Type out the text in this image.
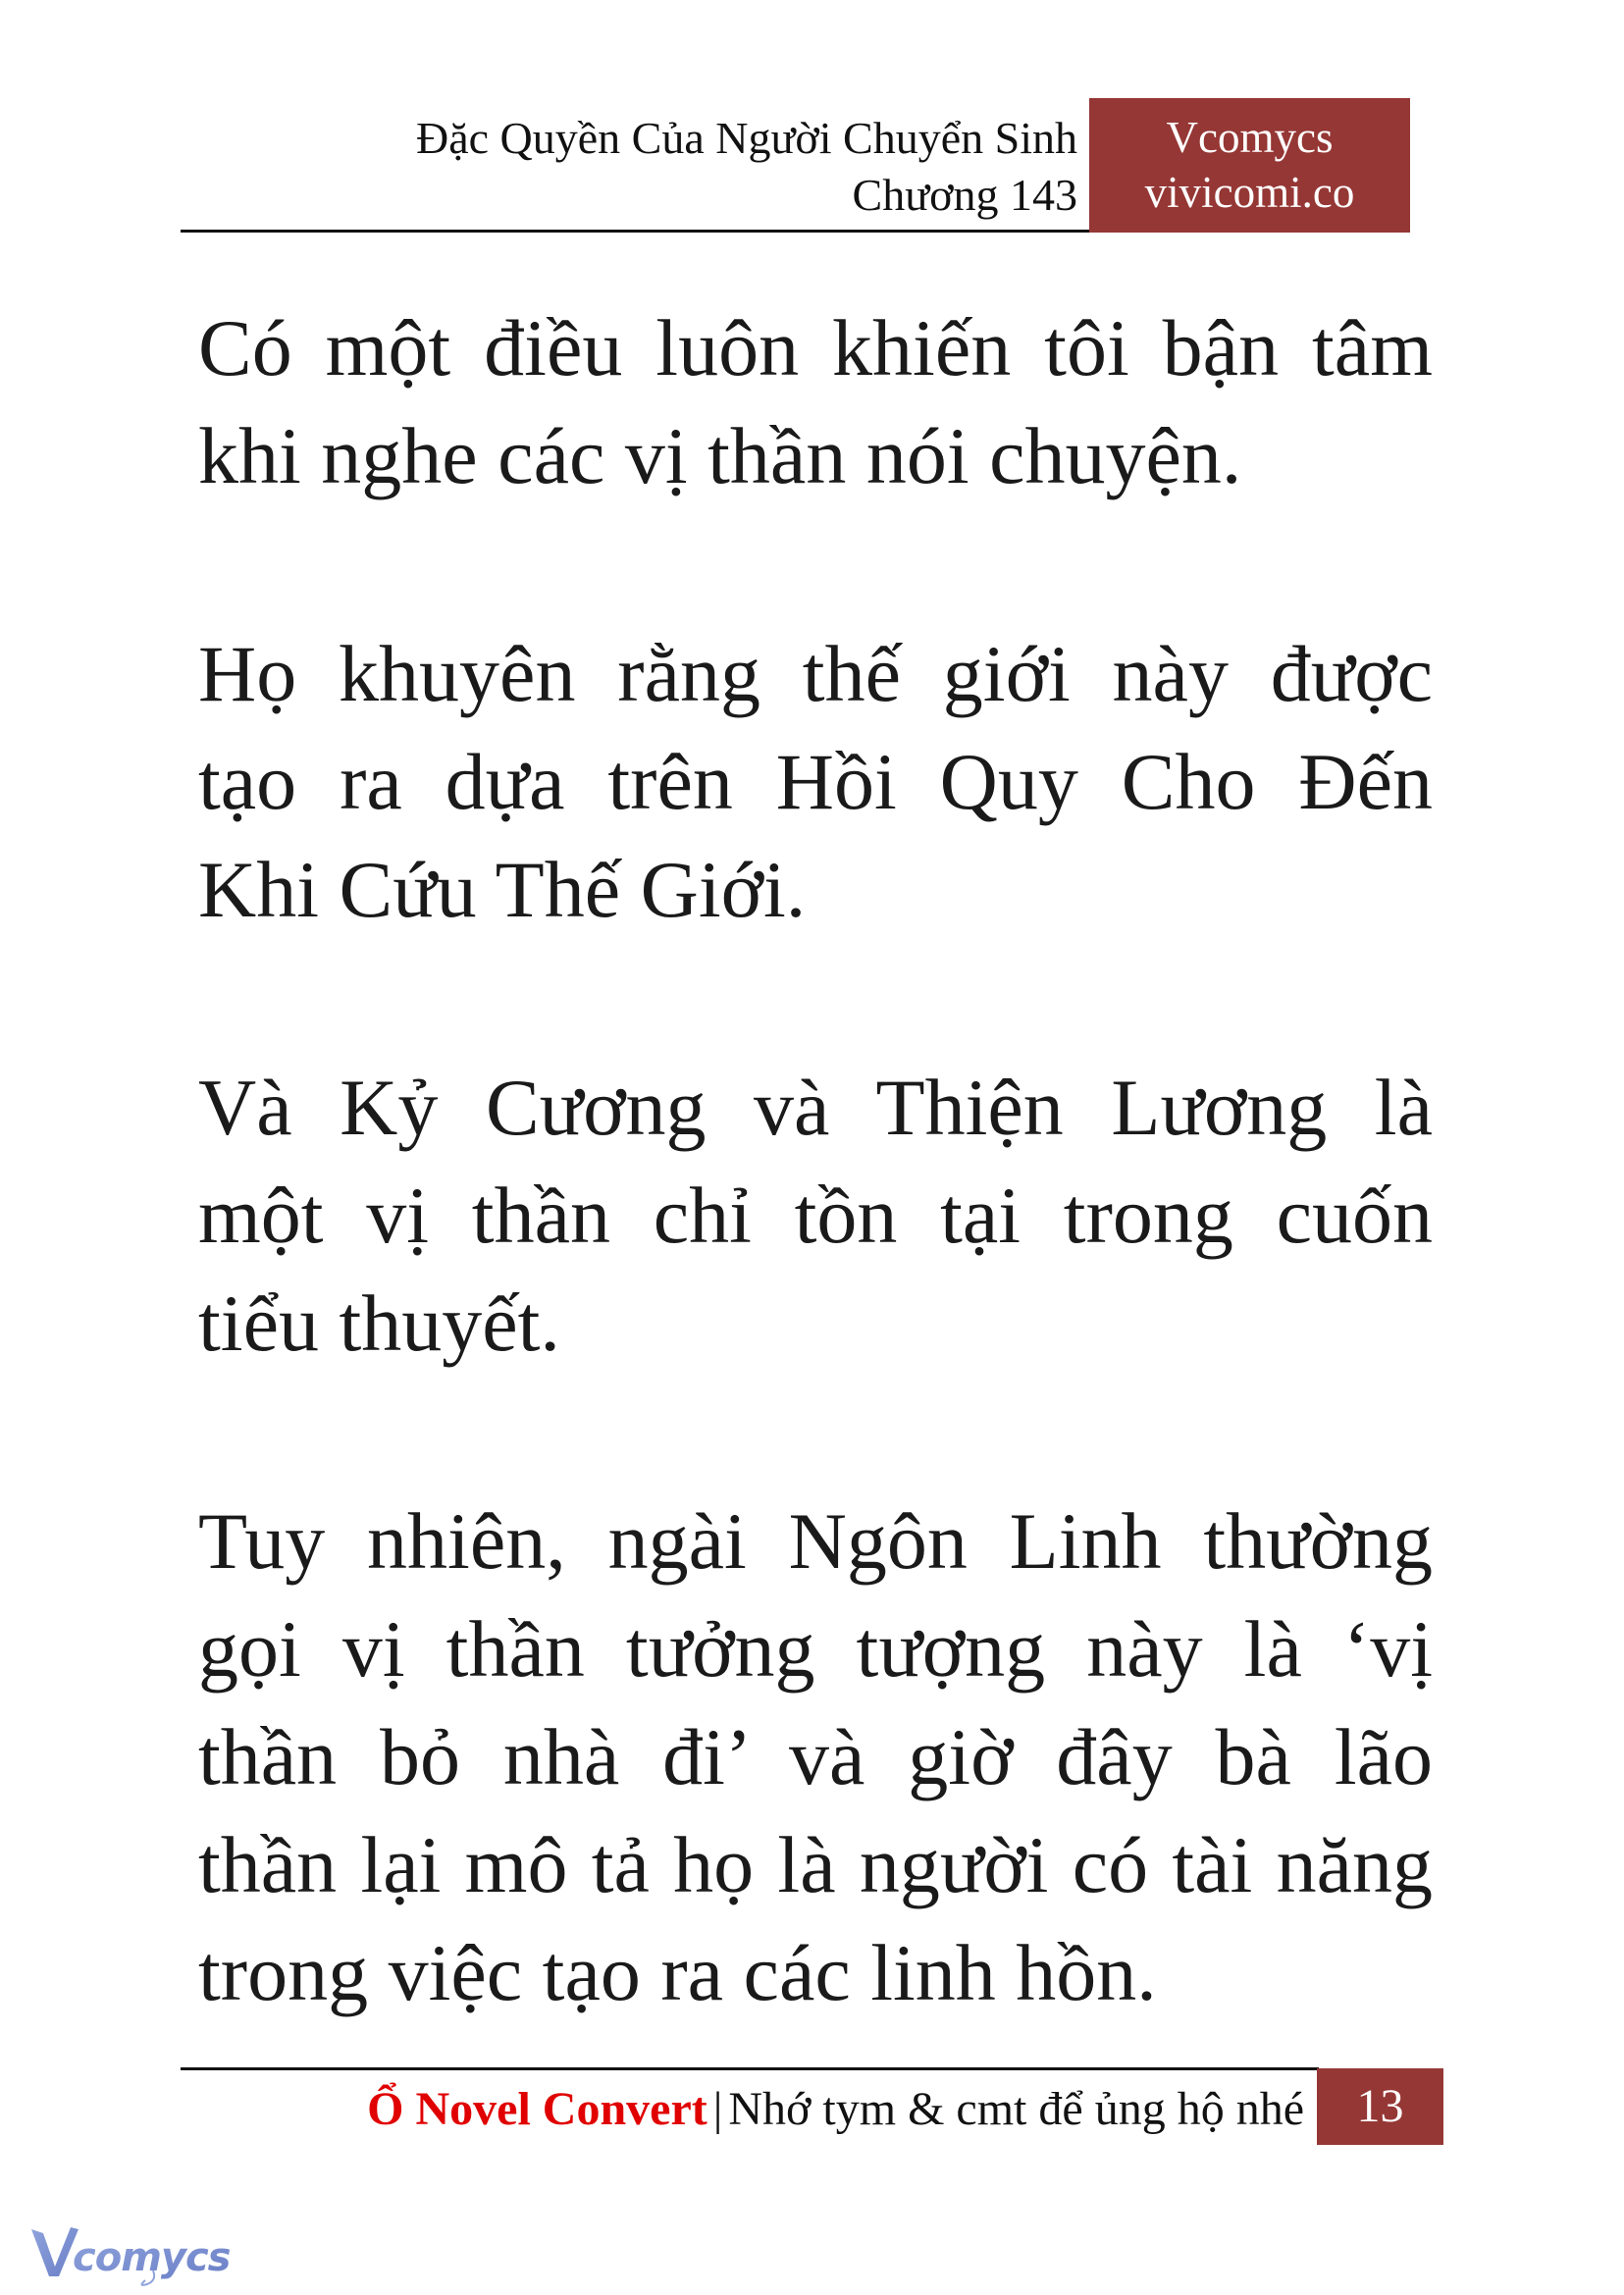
Đặc Quyền Của Người Chuyển Sinh
Chương 143
Vcomycs
vivicomi.co

Có một điều luôn khiến tôi bận tâm
khi nghe các vị thần nói chuyện.

Họ khuyên rằng thế giới này được
tạo ra dựa trên Hồi Quy Cho Đến
Khi Cứu Thế Giới.

Và Kỷ Cương và Thiện Lương là
một vị thần chỉ tồn tại trong cuốn
tiểu thuyết.

Tuy nhiên, ngài Ngôn Linh thường
gọi vị thần tưởng tượng này là ‘vị
thần bỏ nhà đi’ và giờ đây bà lão
thần lại mô tả họ là người có tài năng
trong việc tạo ra các linh hồn.

Ổ Novel Convert | Nhớ tym & cmt để ủng hộ nhé	13
comycs
